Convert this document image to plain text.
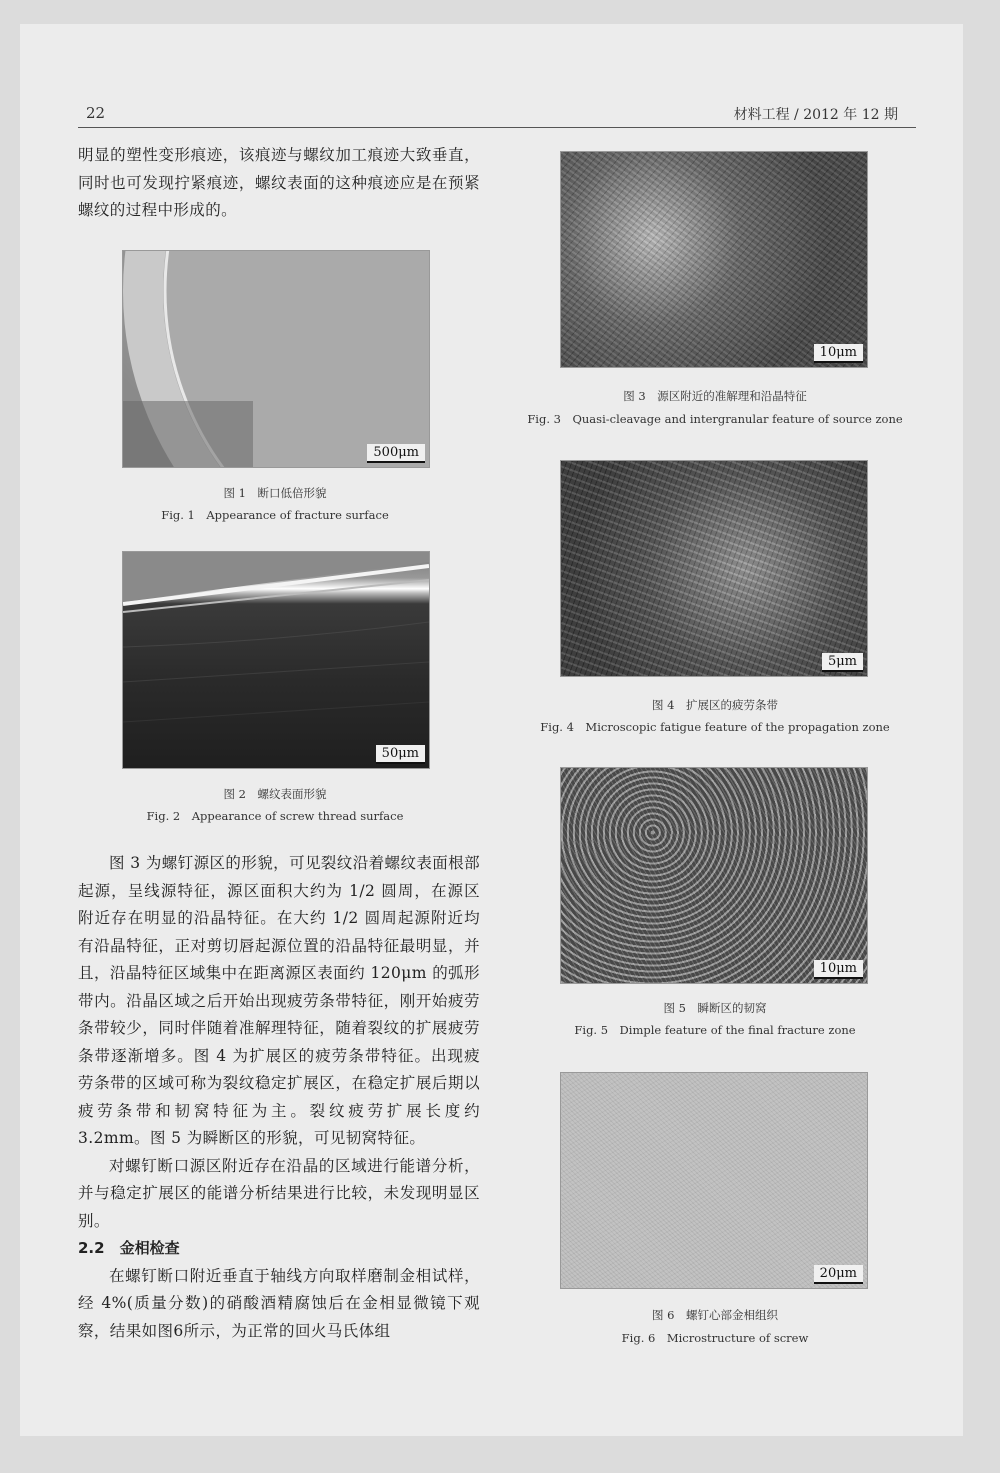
22	材料工程 / 2012 年 12 期

明显的塑性变形痕迹，该痕迹与螺纹加工痕迹大致垂直，同时也可发现拧紧痕迹，螺纹表面的这种痕迹应是在预紧螺纹的过程中形成的。

500μm
图 1　断口低倍形貌
Fig. 1　Appearance of fracture surface
50μm
图 2　螺纹表面形貌
Fig. 2　Appearance of screw thread surface

图 3 为螺钉源区的形貌，可见裂纹沿着螺纹表面根部起源，呈线源特征，源区面积大约为 1/2 圆周，在源区附近存在明显的沿晶特征。在大约 1/2 圆周起源附近均有沿晶特征，正对剪切唇起源位置的沿晶特征最明显，并且，沿晶特征区域集中在距离源区表面约 120μm 的弧形带内。沿晶区域之后开始出现疲劳条带特征，刚开始疲劳条带较少，同时伴随着准解理特征，随着裂纹的扩展疲劳条带逐渐增多。图 4 为扩展区的疲劳条带特征。出现疲劳条带的区域可称为裂纹稳定扩展区，在稳定扩展后期以疲劳条带和韧窝特征为主。裂纹疲劳扩展长度约 3.2mm。图 5 为瞬断区的形貌，可见韧窝特征。

对螺钉断口源区附近存在沿晶的区域进行能谱分析，并与稳定扩展区的能谱分析结果进行比较，未发现明显区别。

2.2　金相检查

在螺钉断口附近垂直于轴线方向取样磨制金相试样，经 4%(质量分数)的硝酸酒精腐蚀后在金相显微镜下观察，结果如图6所示，为正常的回火马氏体组

10μm
图 3　源区附近的准解理和沿晶特征
Fig. 3　Quasi-cleavage and intergranular feature of source zone
5μm
图 4　扩展区的疲劳条带
Fig. 4　Microscopic fatigue feature of the propagation zone
10μm
图 5　瞬断区的韧窝
Fig. 5　Dimple feature of the final fracture zone
20μm
图 6　螺钉心部金相组织
Fig. 6　Microstructure of screw
